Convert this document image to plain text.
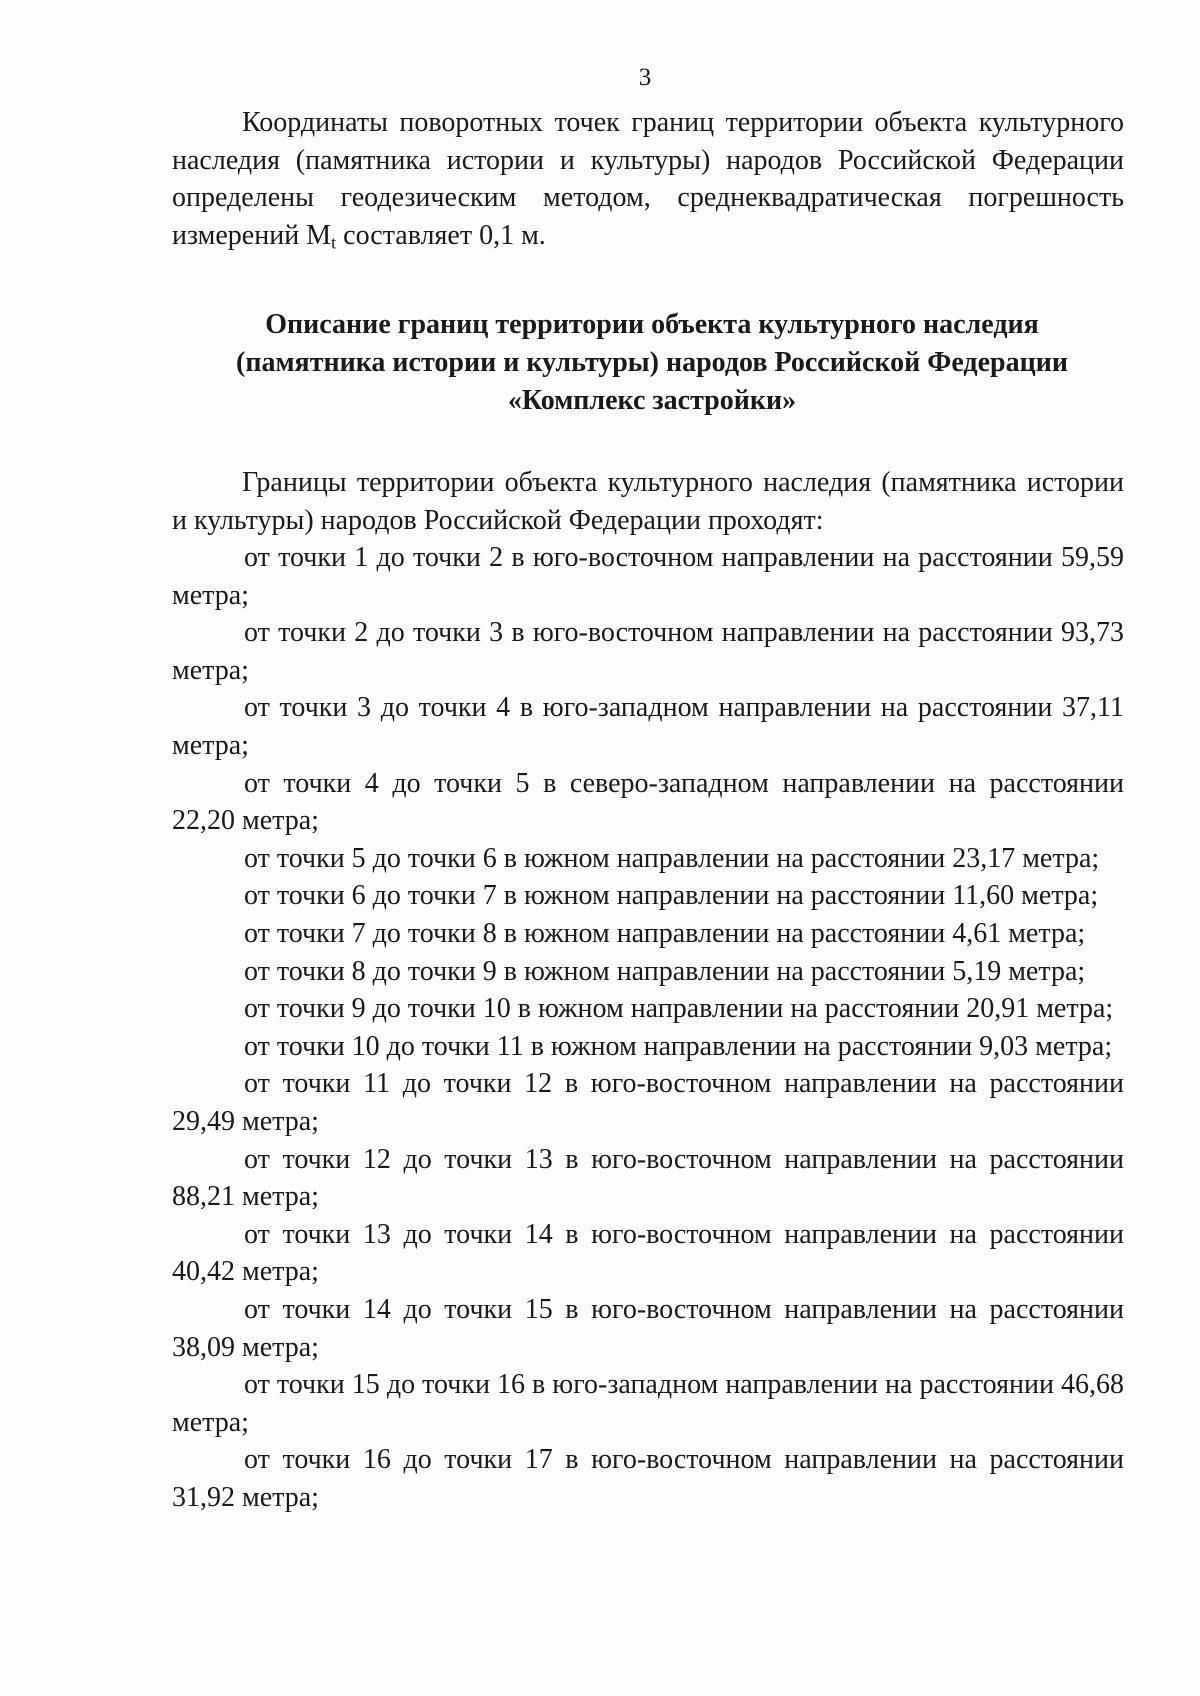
3

Координаты поворотных точек границ территории объекта культурного наследия (памятника истории и культуры) народов Российской Федерации определены геодезическим методом, среднеквадратическая погрешность измерений $M_t$ составляет 0,1 м.

Описание границ территории объекта культурного наследия
(памятника истории и культуры) народов Российской Федерации
«Комплекс застройки»

Границы территории объекта культурного наследия (памятника истории и культуры) народов Российской Федерации проходят:

от точки 1 до точки 2 в юго-восточном направлении на расстоянии 59,59 метра;

от точки 2 до точки 3 в юго-восточном направлении на расстоянии 93,73 метра;

от точки 3 до точки 4 в юго-западном направлении на расстоянии 37,11 метра;

от точки 4 до точки 5 в северо-западном направлении на расстоянии 22,20 метра;

от точки 5 до точки 6 в южном направлении на расстоянии 23,17 метра;

от точки 6 до точки 7 в южном направлении на расстоянии 11,60 метра;

от точки 7 до точки 8 в южном направлении на расстоянии 4,61 метра;

от точки 8 до точки 9 в южном направлении на расстоянии 5,19 метра;

от точки 9 до точки 10 в южном направлении на расстоянии 20,91 метра;

от точки 10 до точки 11 в южном направлении на расстоянии 9,03 метра;

от точки 11 до точки 12 в юго-восточном направлении на расстоянии 29,49 метра;

от точки 12 до точки 13 в юго-восточном направлении на расстоянии 88,21 метра;

от точки 13 до точки 14 в юго-восточном направлении на расстоянии 40,42 метра;

от точки 14 до точки 15 в юго-восточном направлении на расстоянии 38,09 метра;

от точки 15 до точки 16 в юго-западном направлении на расстоянии 46,68 метра;

от точки 16 до точки 17 в юго-восточном направлении на расстоянии 31,92 метра;
